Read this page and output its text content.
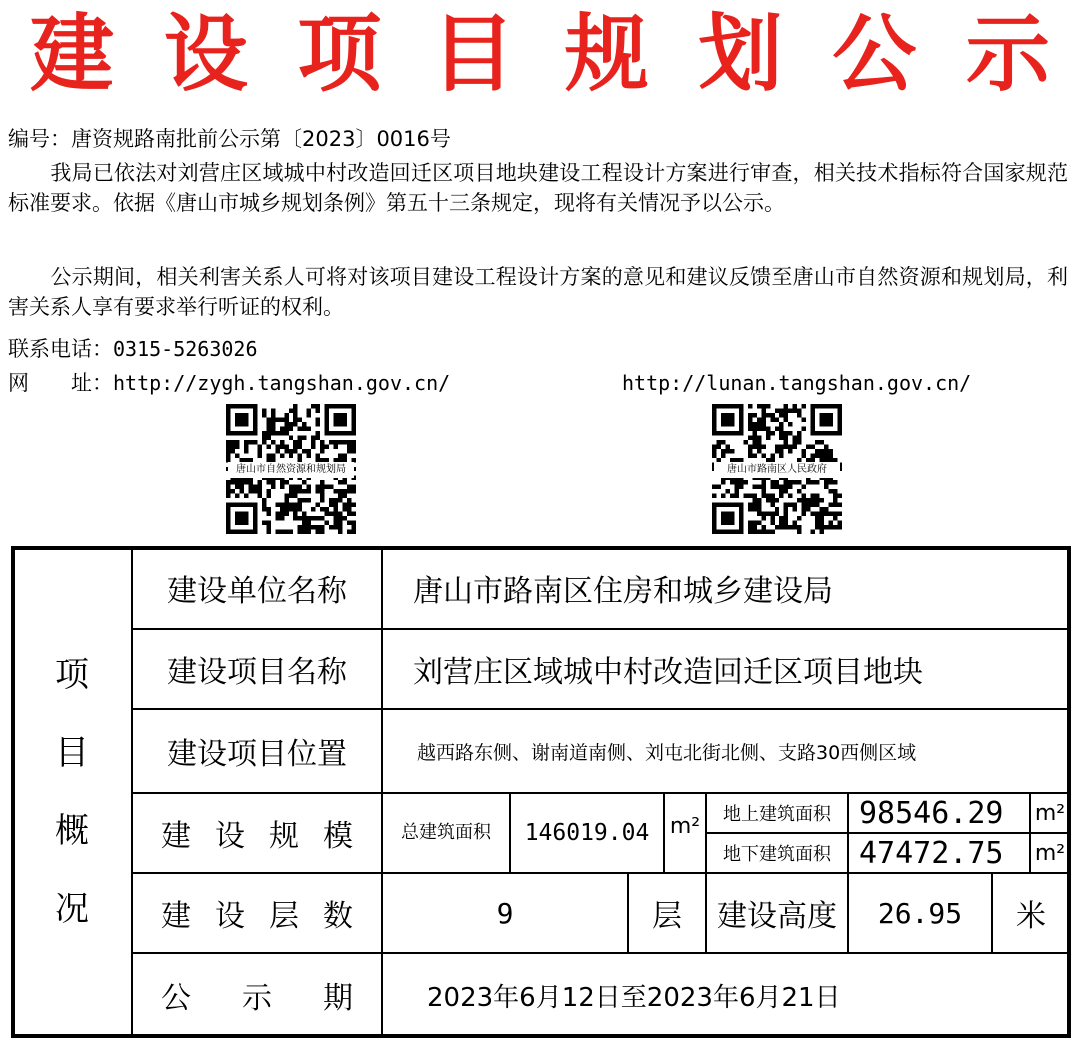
建 设 项 目 规 划 公 示
编号：唐资规路南批前公示第〔2023〕0016号
　　我局已依法对刘营庄区域城中村改造回迁区项目地块建设工程设计方案进行审查，相关技术指标符合国家规范标准要求。依据《唐山市城乡规划条例》第五十三条规定，现将有关情况予以公示。
　　公示期间，相关利害关系人可将对该项目建设工程设计方案的意见和建议反馈至唐山市自然资源和规划局，利害关系人享有要求举行听证的权利。
联系电话：0315-5263026
网　　址：http://zygh.tangshan.gov.cn/	http://lunan.tangshan.gov.cn/
唐山市自然资源和规划局	唐山市路南区人民政府
项
目
概
况
建设单位名称	唐山市路南区住房和城乡建设局
建设项目名称	刘营庄区域城中村改造回迁区项目地块
建设项目位置	越西路东侧、谢南道南侧、刘屯北街北侧、支路30西侧区域
建 设 规 模	总建筑面积	146019.04 m²	地上建筑面积 98546.29	m²
地下建筑面积 47472.75	m²
建 设 层 数	9	层	建设高度	26.95	米
公 示 期	2023年6月12日至2023年6月21日
